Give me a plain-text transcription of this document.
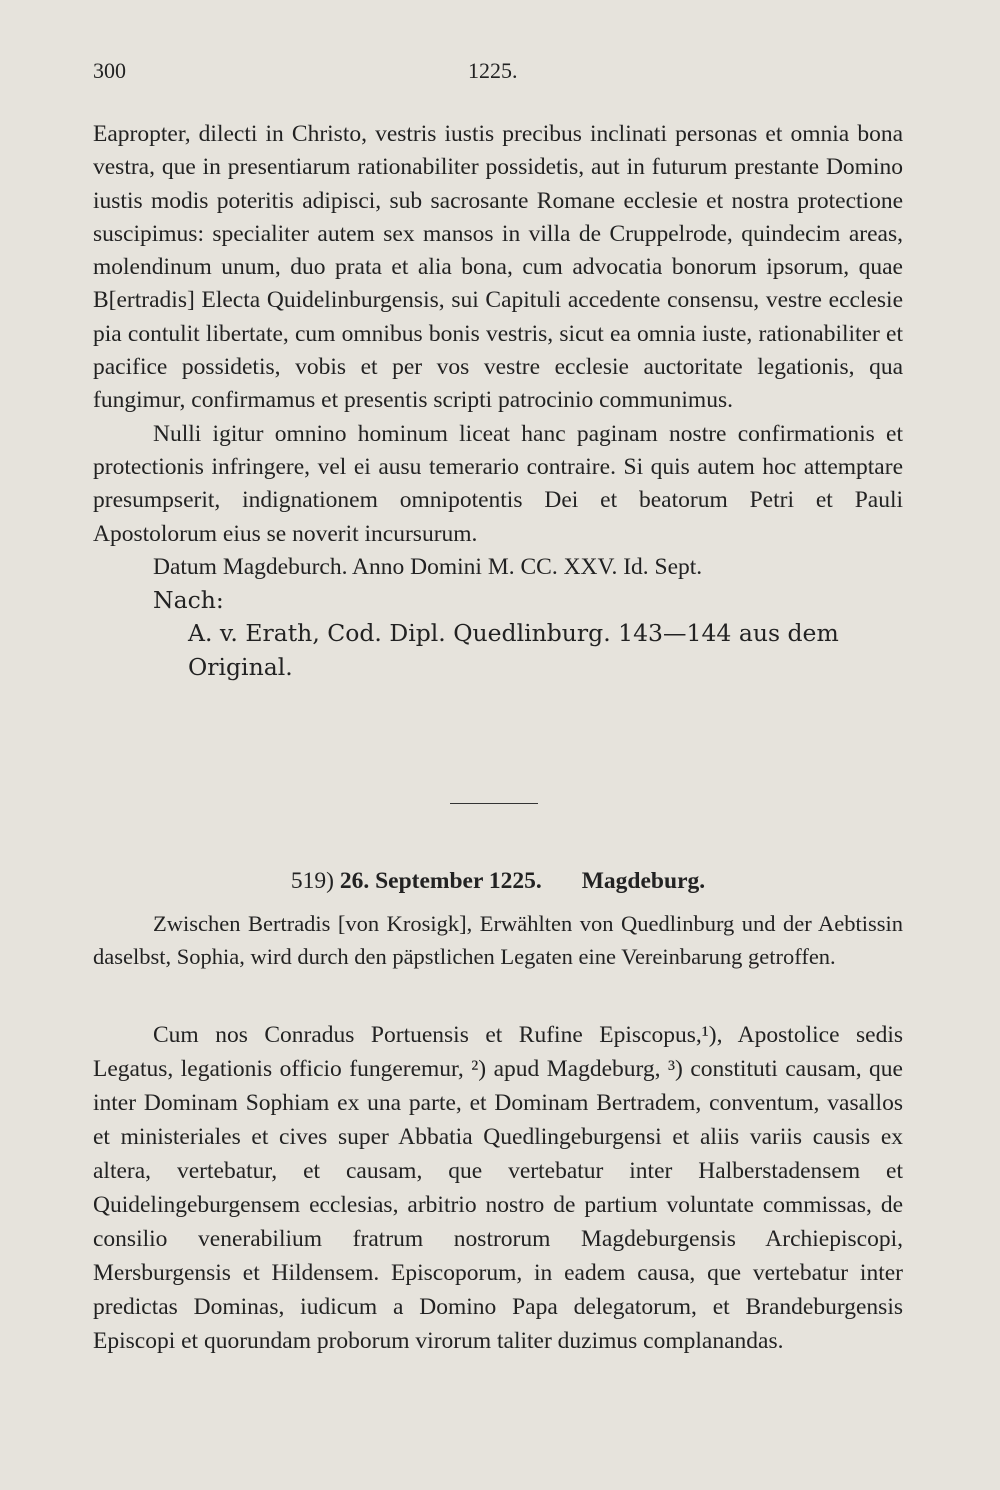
300	1225.

Eapropter, dilecti in Christo, vestris iustis precibus inclinati personas et omnia bona vestra, que in presentiarum rationabiliter possidetis, aut in futurum prestante Domino iustis modis poteritis adipisci, sub sacrosante Romane ecclesie et nostra protectione suscipimus: specialiter autem sex mansos in villa de Cruppelrode, quindecim areas, molendinum unum, duo prata et alia bona, cum advocatia bonorum ipsorum, quae B[ertradis] Electa Quidelinburgensis, sui Capituli accedente consensu, vestre ecclesie pia contulit libertate, cum omnibus bonis vestris, sicut ea omnia iuste, rationabiliter et pacifice possidetis, vobis et per vos vestre ecclesie auctoritate legationis, qua fungimur, confirmamus et presentis scripti patrocinio communimus.

Nulli igitur omnino hominum liceat hanc paginam nostre confirmationis et protectionis infringere, vel ei ausu temerario contraire. Si quis autem hoc attemptare presumpserit, indignationem omnipotentis Dei et beatorum Petri et Pauli Apostolorum eius se noverit incursurum.

Datum Magdeburch. Anno Domini M. CC. XXV. Id. Sept.

Nach:
A. v. Erath, Cod. Dipl. Quedlinburg. 143—144 aus dem Original.
519) 26. September 1225. Magdeburg.

Zwischen Bertradis [von Krosigk], Erwählten von Quedlinburg und der Aebtissin daselbst, Sophia, wird durch den päpstlichen Legaten eine Vereinbarung getroffen.

Cum nos Conradus Portuensis et Rufine Episcopus,¹), Apostolice sedis Legatus, legationis officio fungeremur, ²) apud Magdeburg, ³) constituti causam, que inter Dominam Sophiam ex una parte, et Dominam Bertradem, conventum, vasallos et ministeriales et cives super Abbatia Quedlingeburgensi et aliis variis causis ex altera, vertebatur, et causam, que vertebatur inter Halberstadensem et Quidelingeburgensem ecclesias, arbitrio nostro de partium voluntate commissas, de consilio venerabilium fratrum nostrorum Magdeburgensis Archiepiscopi, Mersburgensis et Hildensem. Episcoporum, in eadem causa, que vertebatur inter predictas Dominas, iudicum a Domino Papa delegatorum, et Brandeburgensis Episcopi et quorundam proborum virorum taliter duzimus complanandas.
